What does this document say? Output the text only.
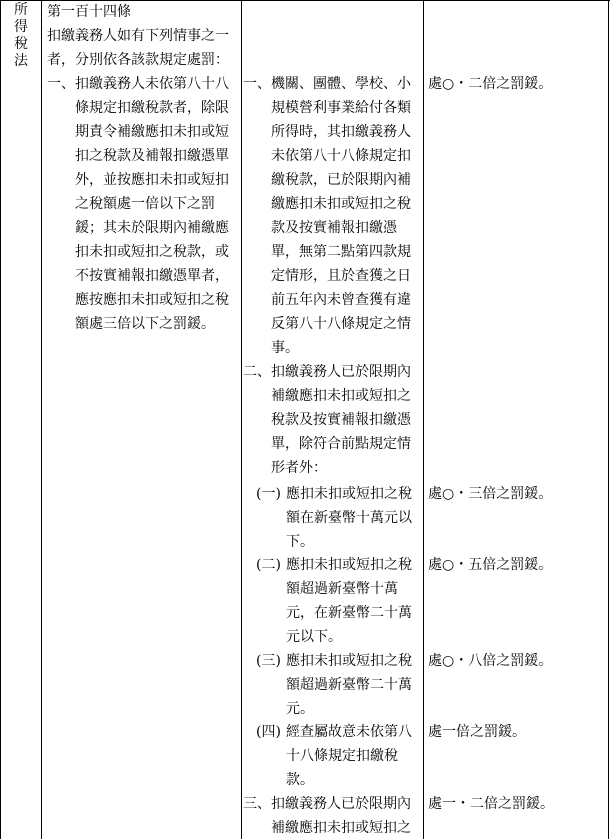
所得稅法
第一百十四條
扣繳義務人如有下列情事之一
者，分別依各該款規定處罰：
一、 扣繳義務人未依第八十八
條規定扣繳稅款者，除限
期責令補繳應扣未扣或短
扣之稅款及補報扣繳憑單
外，並按應扣未扣或短扣
之稅額處一倍以下之罰
鍰；其未於限期內補繳應
扣未扣或短扣之稅款，或
不按實補報扣繳憑單者，
應按應扣未扣或短扣之稅
額處三倍以下之罰鍰。
一、 機關、團體、學校、小
規模營利事業給付各類
所得時，其扣繳義務人
未依第八十八條規定扣
繳稅款，已於限期內補
繳應扣未扣或短扣之稅
款及按實補報扣繳憑
單，無第二點第四款規
定情形，且於查獲之日
前五年內未曾查獲有違
反第八十八條規定之情
事。
處○・二倍之罰鍰。
二、 扣繳義務人已於限期內
補繳應扣未扣或短扣之
稅款及按實補報扣繳憑
單，除符合前點規定情
形者外：
(一) 應扣未扣或短扣之稅
額在新臺幣十萬元以
下。
處○・三倍之罰鍰。
(二) 應扣未扣或短扣之稅
額超過新臺幣十萬
元，在新臺幣二十萬
元以下。
處○・五倍之罰鍰。
(三) 應扣未扣或短扣之稅
額超過新臺幣二十萬
元。
處○・八倍之罰鍰。
(四) 經查屬故意未依第八
十八條規定扣繳稅
款。
處一倍之罰鍰。
三、 扣繳義務人已於限期內
補繳應扣未扣或短扣之
處一・二倍之罰鍰。
